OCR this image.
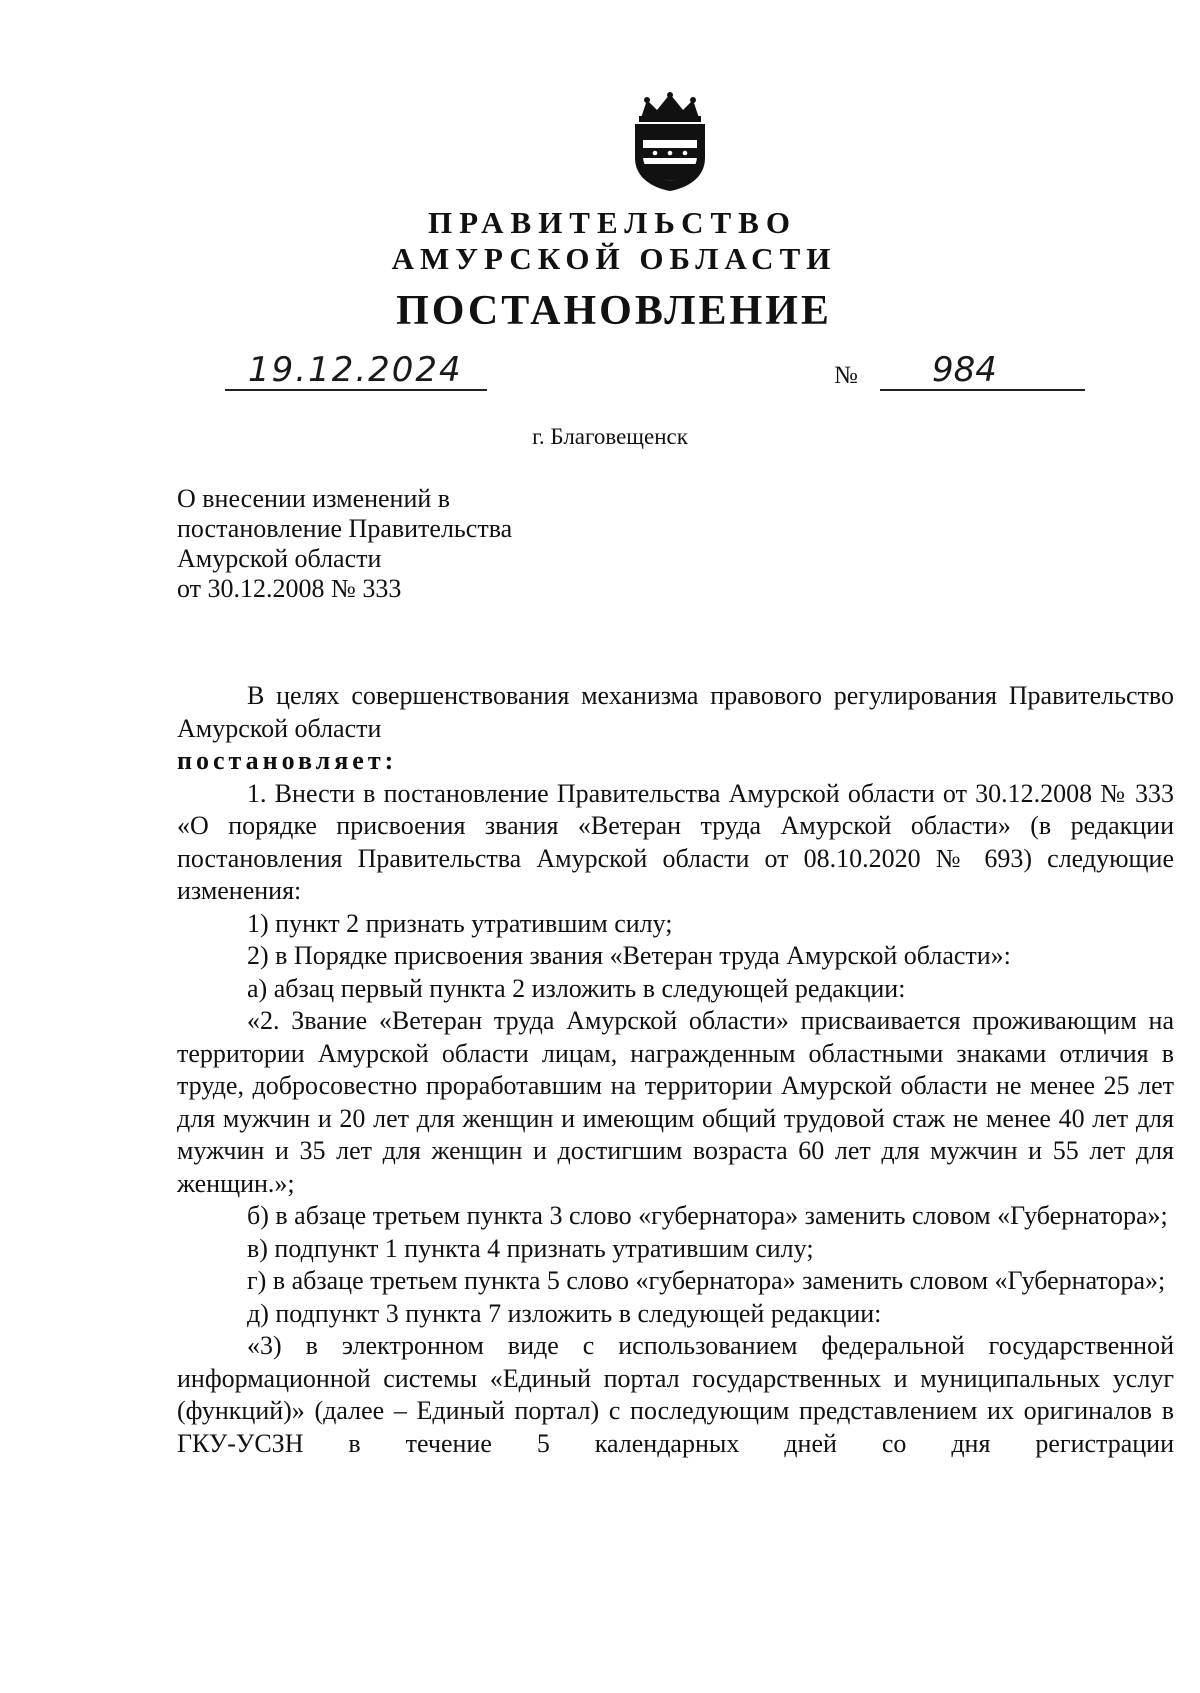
ПРАВИТЕЛЬСТВО
АМУРСКОЙ ОБЛАСТИ
ПОСТАНОВЛЕНИЕ
19.12.2024	№ 984
г. Благовещенск
О внесении изменений в
постановление Правительства
Амурской области
от 30.12.2008 № 333

В целях совершенствования механизма правового регулирования Правительство Амурской области

постановляет:

1. Внести в постановление Правительства Амурской области от 30.12.2008 № 333 «О порядке присвоения звания «Ветеран труда Амурской области» (в редакции постановления Правительства Амурской области от 08.10.2020 № 693) следующие изменения:

1) пункт 2 признать утратившим силу;

2) в Порядке присвоения звания «Ветеран труда Амурской области»:

а) абзац первый пункта 2 изложить в следующей редакции:

«2. Звание «Ветеран труда Амурской области» присваивается проживающим на территории Амурской области лицам, награжденным областными знаками отличия в труде, добросовестно проработавшим на территории Амурской области не менее 25 лет для мужчин и 20 лет для женщин и имеющим общий трудовой стаж не менее 40 лет для мужчин и 35 лет для женщин и достигшим возраста 60 лет для мужчин и 55 лет для женщин.»;

б) в абзаце третьем пункта 3 слово «губернатора» заменить словом «Губернатора»;

в) подпункт 1 пункта 4 признать утратившим силу;

г) в абзаце третьем пункта 5 слово «губернатора» заменить словом «Губернатора»;

д) подпункт 3 пункта 7 изложить в следующей редакции:

«3) в электронном виде с использованием федеральной государственной информационной системы «Единый портал государственных и муниципальных услуг (функций)» (далее – Единый портал) с последующим представлением их оригиналов в ГКУ-УСЗН в течение 5 календарных дней со дня регистрации
